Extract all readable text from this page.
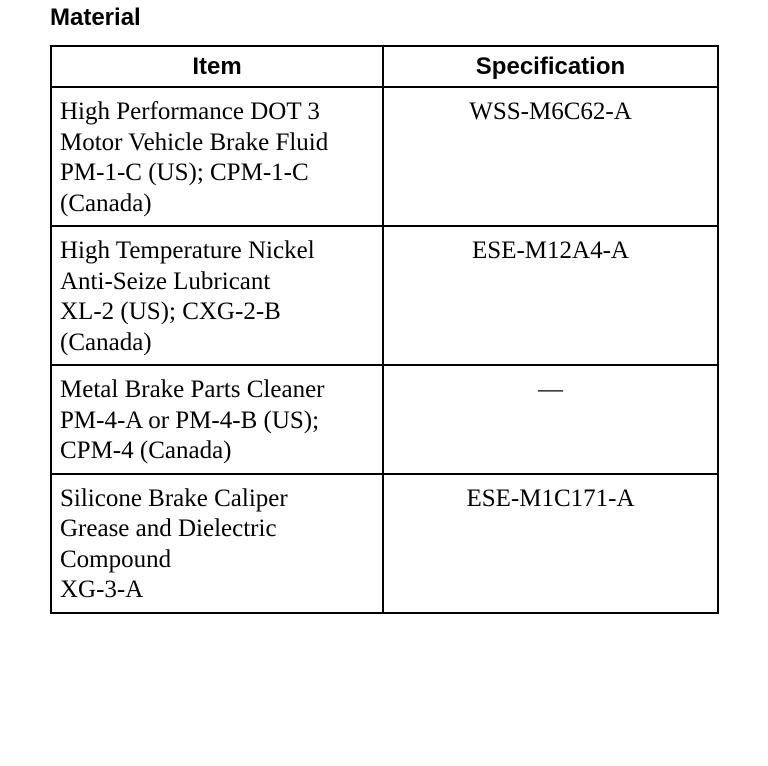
Material
Item	Specification

High Performance DOT 3
Motor Vehicle Brake Fluid
PM-1-C (US); CPM-1-C
(Canada)	WSS-M6C62-A

High Temperature Nickel
Anti-Seize Lubricant
XL-2 (US); CXG-2-B
(Canada)	ESE-M12A4-A

Metal Brake Parts Cleaner
PM-4-A or PM-4-B (US);
CPM-4 (Canada)	—

Silicone Brake Caliper
Grease and Dielectric
Compound
XG-3-A	ESE-M1C171-A
